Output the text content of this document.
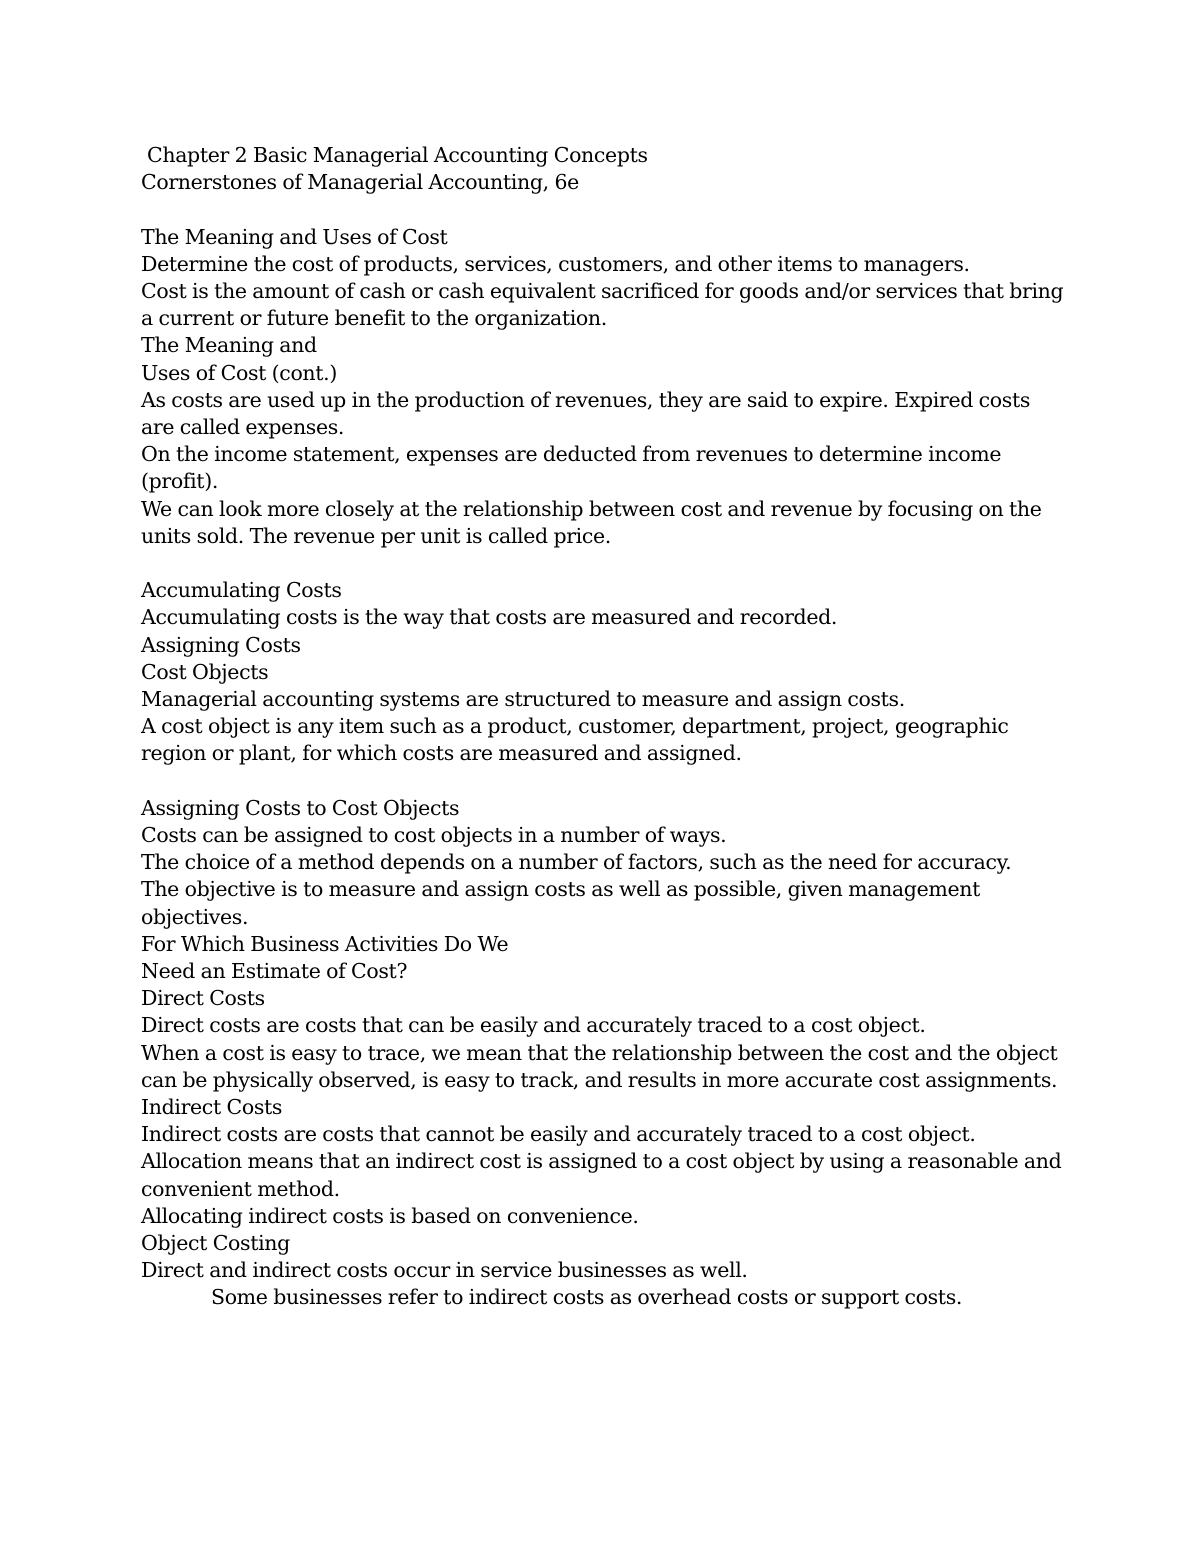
Chapter 2 Basic Managerial Accounting Concepts
Cornerstones of Managerial Accounting, 6e
The Meaning and Uses of Cost
Determine the cost of products, services, customers, and other items to managers.
Cost is the amount of cash or cash equivalent sacrificed for goods and/or services that bring
a current or future benefit to the organization.
The Meaning and
Uses of Cost (cont.)
As costs are used up in the production of revenues, they are said to expire. Expired costs
are called expenses.
On the income statement, expenses are deducted from revenues to determine income
(profit).
We can look more closely at the relationship between cost and revenue by focusing on the
units sold. The revenue per unit is called price.
Accumulating Costs
Accumulating costs is the way that costs are measured and recorded.
Assigning Costs
Cost Objects
Managerial accounting systems are structured to measure and assign costs.
A cost object is any item such as a product, customer, department, project, geographic
region or plant, for which costs are measured and assigned.
Assigning Costs to Cost Objects
Costs can be assigned to cost objects in a number of ways.
The choice of a method depends on a number of factors, such as the need for accuracy.
The objective is to measure and assign costs as well as possible, given management
objectives.
For Which Business Activities Do We
Need an Estimate of Cost?
Direct Costs
Direct costs are costs that can be easily and accurately traced to a cost object.
When a cost is easy to trace, we mean that the relationship between the cost and the object
can be physically observed, is easy to track, and results in more accurate cost assignments.
Indirect Costs
Indirect costs are costs that cannot be easily and accurately traced to a cost object.
Allocation means that an indirect cost is assigned to a cost object by using a reasonable and
convenient method.
Allocating indirect costs is based on convenience.
Object Costing
Direct and indirect costs occur in service businesses as well.
Some businesses refer to indirect costs as overhead costs or support costs.
